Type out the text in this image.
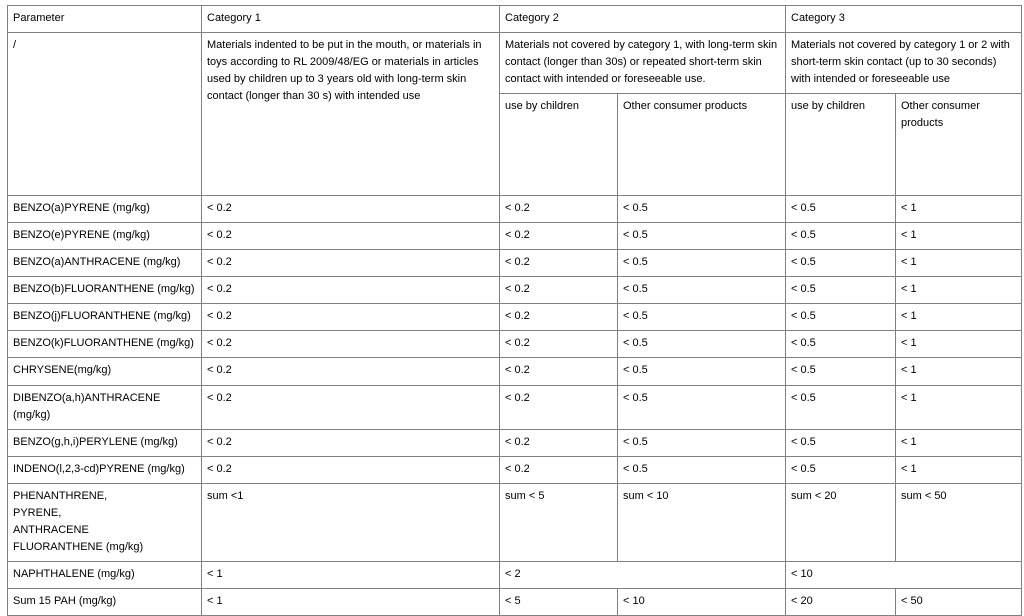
Parameter	Category 1	Category 2		Category 3	
/	Materials indented to be put in the mouth, or materials in toys according to RL 2009/48/EG or materials in articles used by children up to 3 years old with long-term skin contact (longer than 30 s) with intended use	Materials not covered by category 1, with long-term skin contact (longer than 30s) or repeated short-term skin contact with intended or foreseeable use.		Materials not covered by category 1 or 2 with short-term skin contact (up to 30 seconds) with intended or foreseeable use	
		use by children	Other consumer products	use by children	Other consumer products
BENZO(a)PYRENE (mg/kg)	< 0.2	< 0.2	< 0.5	< 0.5	< 1
BENZO(e)PYRENE (mg/kg)	< 0.2	< 0.2	< 0.5	< 0.5	< 1
BENZO(a)ANTHRACENE (mg/kg)	< 0.2	< 0.2	< 0.5	< 0.5	< 1
BENZO(b)FLUORANTHENE (mg/kg)	< 0.2	< 0.2	< 0.5	< 0.5	< 1
BENZO(j)FLUORANTHENE (mg/kg)	< 0.2	< 0.2	< 0.5	< 0.5	< 1
BENZO(k)FLUORANTHENE (mg/kg)	< 0.2	< 0.2	< 0.5	< 0.5	< 1
CHRYSENE(mg/kg)	< 0.2	< 0.2	< 0.5	< 0.5	< 1
DIBENZO(a,h)ANTHRACENE (mg/kg)	< 0.2	< 0.2	< 0.5	< 0.5	< 1
BENZO(g,h,i)PERYLENE (mg/kg)	< 0.2	< 0.2	< 0.5	< 0.5	< 1
INDENO(l,2,3-cd)PYRENE (mg/kg)	< 0.2	< 0.2	< 0.5	< 0.5	< 1

PHENANTHRENE,
PYRENE,
ANTHRACENE
FLUORANTHENE (mg/kg)	sum <1	sum < 5	sum < 10	sum < 20	sum < 50
NAPHTHALENE (mg/kg)	< 1	< 2		< 10	
Sum 15 PAH (mg/kg)	< 1	< 5	< 10	< 20	< 50
